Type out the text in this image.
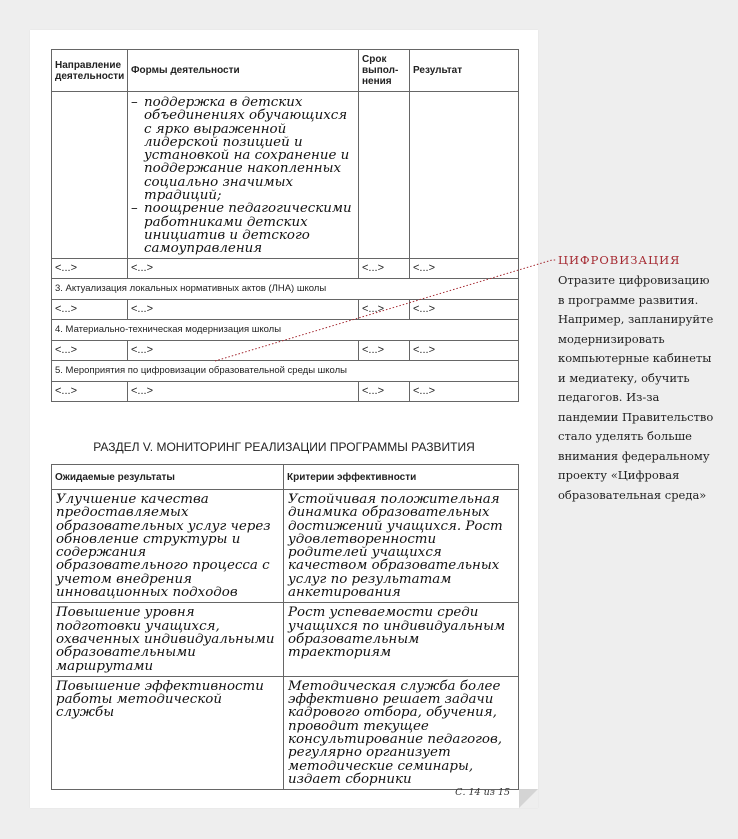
Направление деятельности	Формы деятельности	Срок выпол-нения	Результат

	– поддержка в детских объединениях обучающихся с ярко выраженной лидерской позицией и установкой на сохранение и поддержание накопленных социально значимых традиций;
– поощрение педагогическими работниками детских инициатив и детского самоуправления		

<...>	<...>	<...>	<...>
3. Актуализация локальных нормативных актов (ЛНА) школы			
<...>	<...>	<...>	<...>
4. Материально-техническая модернизация школы			
<...>	<...>	<...>	<...>
5. Мероприятия по цифровизации образовательной среды школы			
<...>	<...>	<...>	<...>
РАЗДЕЛ V. МОНИТОРИНГ РЕАЛИЗАЦИИ ПРОГРАММЫ РАЗВИТИЯ
Ожидаемые результаты	Критерии эффективности
Улучшение качества предоставляемых образовательных услуг через обновление структуры и содержания образовательного процесса с учетом внедрения инновационных подходов	Устойчивая положительная динамика образовательных достижений учащихся. Рост удовлетворенности родителей учащихся качеством образовательных услуг по результатам анкетирования
Повышение уровня подготовки учащихся, охваченных индивидуальными образовательными маршрутами	Рост успеваемости среди учащихся по индивидуальным образовательным траекториям
Повышение эффективности работы методической службы	Методическая служба более эффективно решает задачи кадрового отбора, обучения, проводит текущее консультирование педагогов, регулярно организует методические семинары, издает сборники
С. 14 из 15
ЦИФРОВИЗАЦИЯ
Отразите цифровизацию в программе развития. Например, запланируйте модернизировать компьютерные кабинеты и медиатеку, обучить педагогов. Из-за пандемии Правительство стало уделять больше внимания федеральному проекту «Цифровая образовательная среда»
